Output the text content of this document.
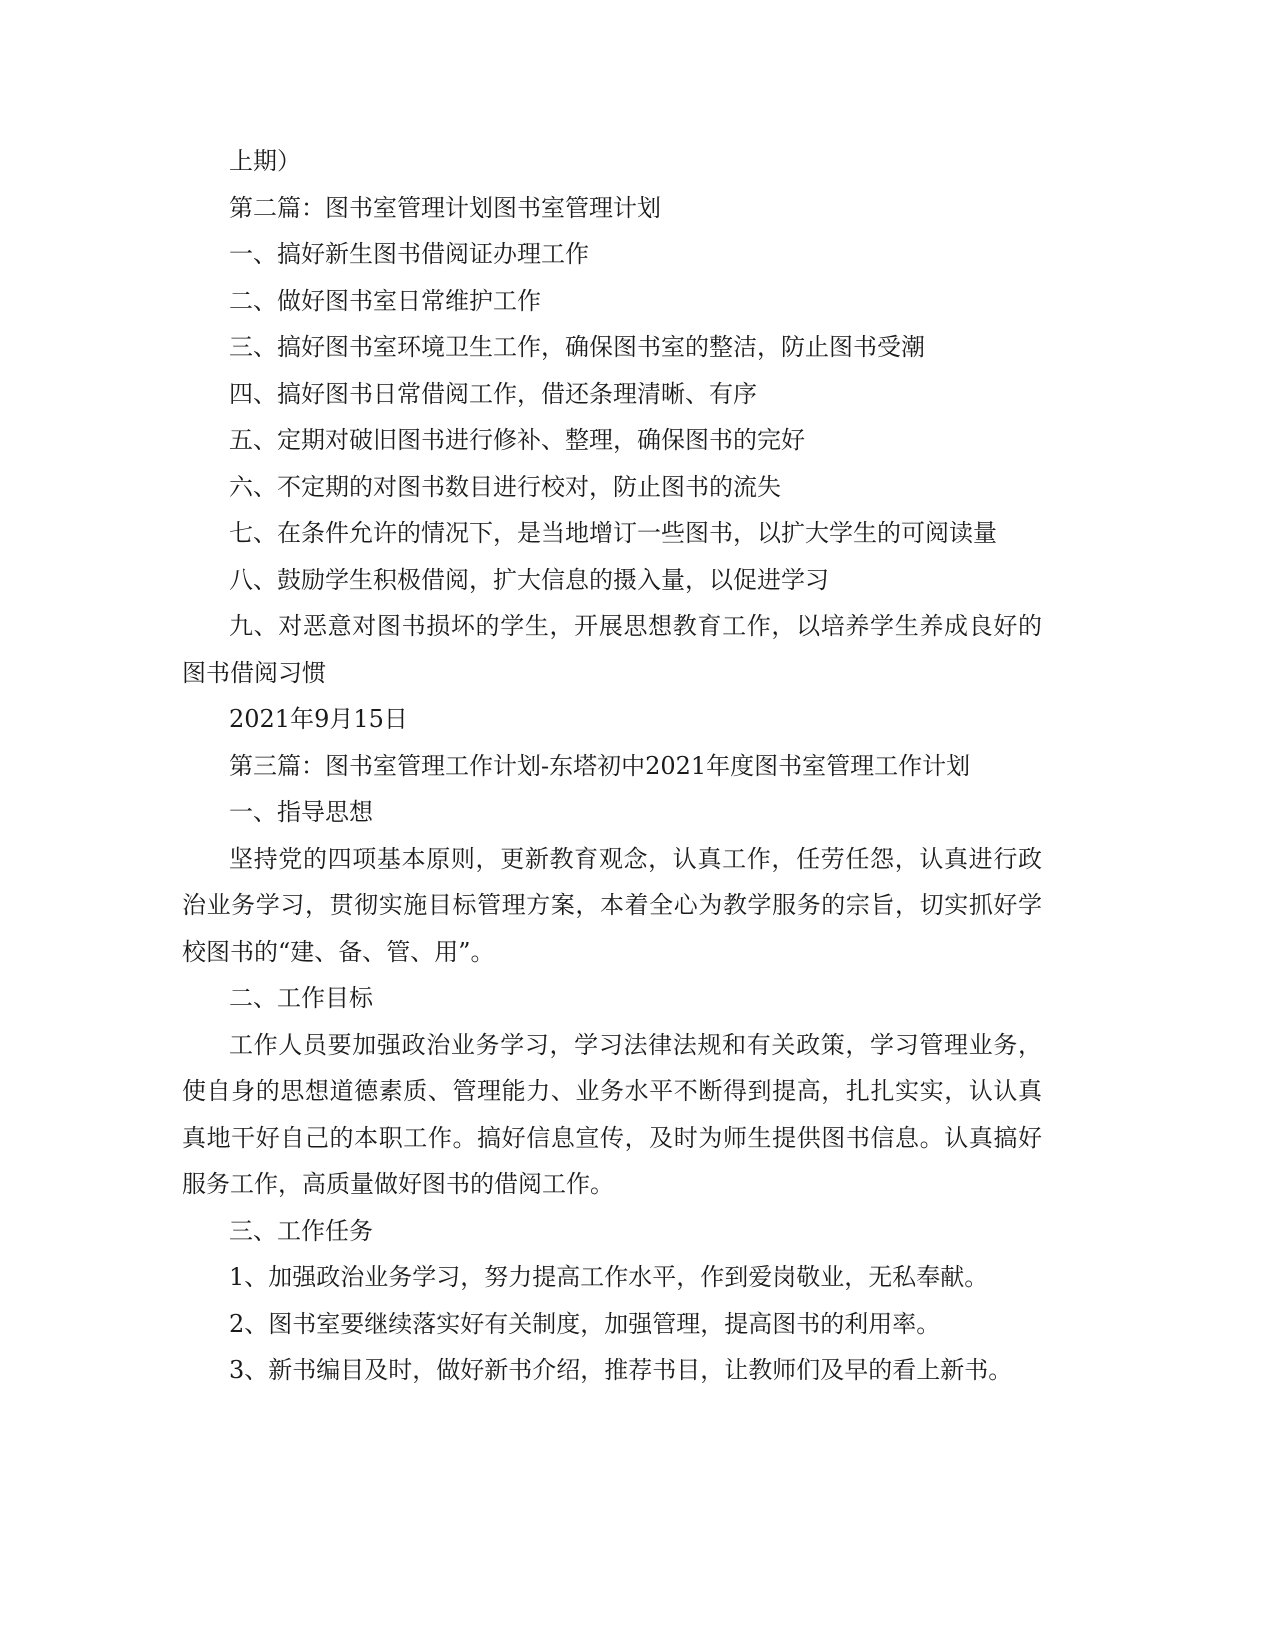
上期）

第二篇：图书室管理计划图书室管理计划

一、搞好新生图书借阅证办理工作

二、做好图书室日常维护工作

三、搞好图书室环境卫生工作，确保图书室的整洁，防止图书受潮

四、搞好图书日常借阅工作，借还条理清晰、有序

五、定期对破旧图书进行修补、整理，确保图书的完好

六、不定期的对图书数目进行校对，防止图书的流失

七、在条件允许的情况下，是当地增订一些图书，以扩大学生的可阅读量

八、鼓励学生积极借阅，扩大信息的摄入量，以促进学习

九、对恶意对图书损坏的学生，开展思想教育工作，以培养学生养成良好的图书借阅习惯

2021年9月15日

第三篇：图书室管理工作计划-东塔初中2021年度图书室管理工作计划

一、指导思想

坚持党的四项基本原则，更新教育观念，认真工作，任劳任怨，认真进行政治业务学习，贯彻实施目标管理方案，本着全心为教学服务的宗旨，切实抓好学校图书的“建、备、管、用”。

二、工作目标

工作人员要加强政治业务学习，学习法律法规和有关政策，学习管理业务，使自身的思想道德素质、管理能力、业务水平不断得到提高，扎扎实实，认认真真地干好自己的本职工作。搞好信息宣传，及时为师生提供图书信息。认真搞好服务工作，高质量做好图书的借阅工作。

三、工作任务

1、加强政治业务学习，努力提高工作水平，作到爱岗敬业，无私奉献。

2、图书室要继续落实好有关制度，加强管理，提高图书的利用率。

3、新书编目及时，做好新书介绍，推荐书目，让教师们及早的看上新书。
